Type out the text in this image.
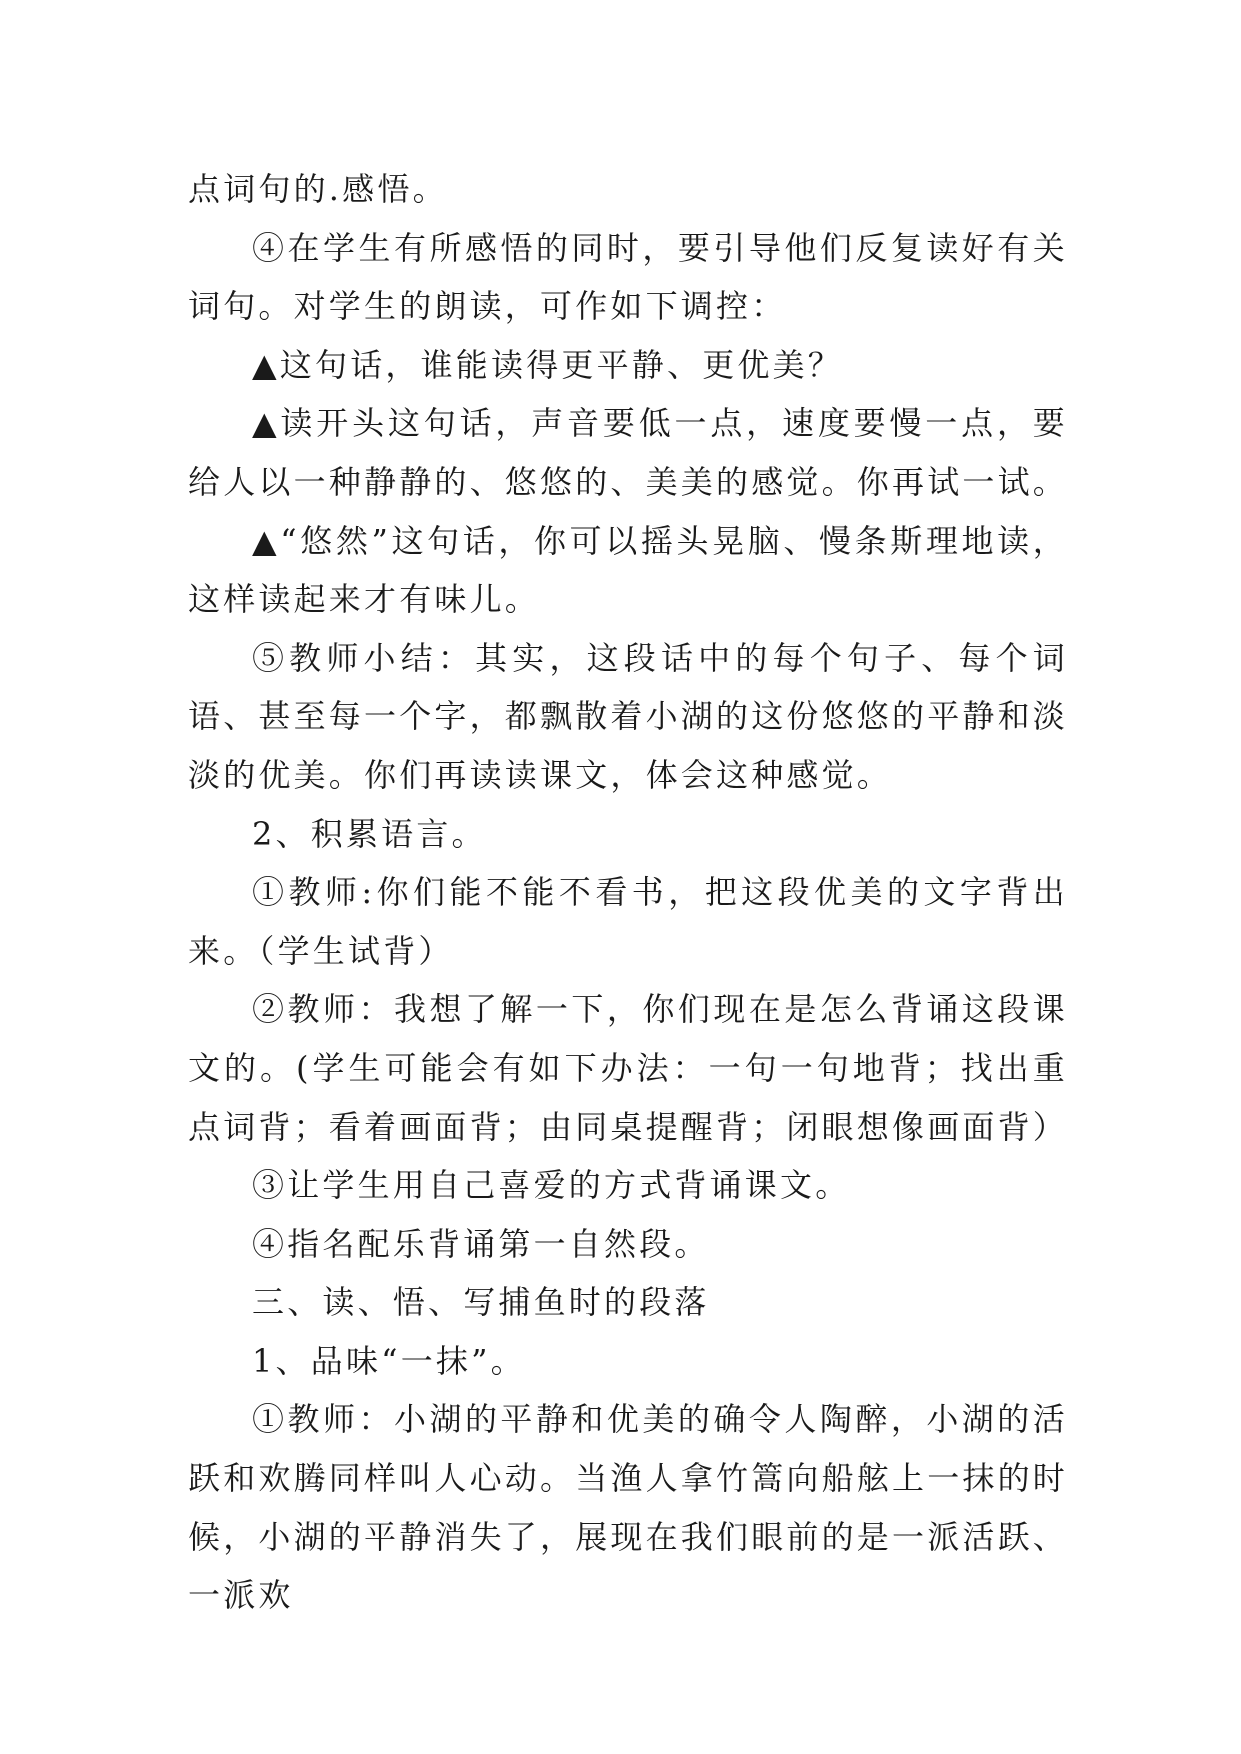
点词句的.感悟。

④在学生有所感悟的同时，要引导他们反复读好有关词句。对学生的朗读，可作如下调控：

▲这句话，谁能读得更平静、更优美？

▲读开头这句话，声音要低一点，速度要慢一点，要给人以一种静静的、悠悠的、美美的感觉。你再试一试。

▲“悠然”这句话，你可以摇头晃脑、慢条斯理地读，这样读起来才有味儿。

⑤教师小结：其实，这段话中的每个句子、每个词语、甚至每一个字，都飘散着小湖的这份悠悠的平静和淡淡的优美。你们再读读课文，体会这种感觉。

2、积累语言。

①教师:你们能不能不看书，把这段优美的文字背出来。（学生试背）

②教师：我想了解一下，你们现在是怎么背诵这段课文的。(学生可能会有如下办法：一句一句地背；找出重点词背；看着画面背；由同桌提醒背；闭眼想像画面背）

③让学生用自己喜爱的方式背诵课文。

④指名配乐背诵第一自然段。

三、读、悟、写捕鱼时的段落

1、品味“一抹”。

①教师：小湖的平静和优美的确令人陶醉，小湖的活跃和欢腾同样叫人心动。当渔人拿竹篙向船舷上一抹的时候，小湖的平静消失了，展现在我们眼前的是一派活跃、一派欢
